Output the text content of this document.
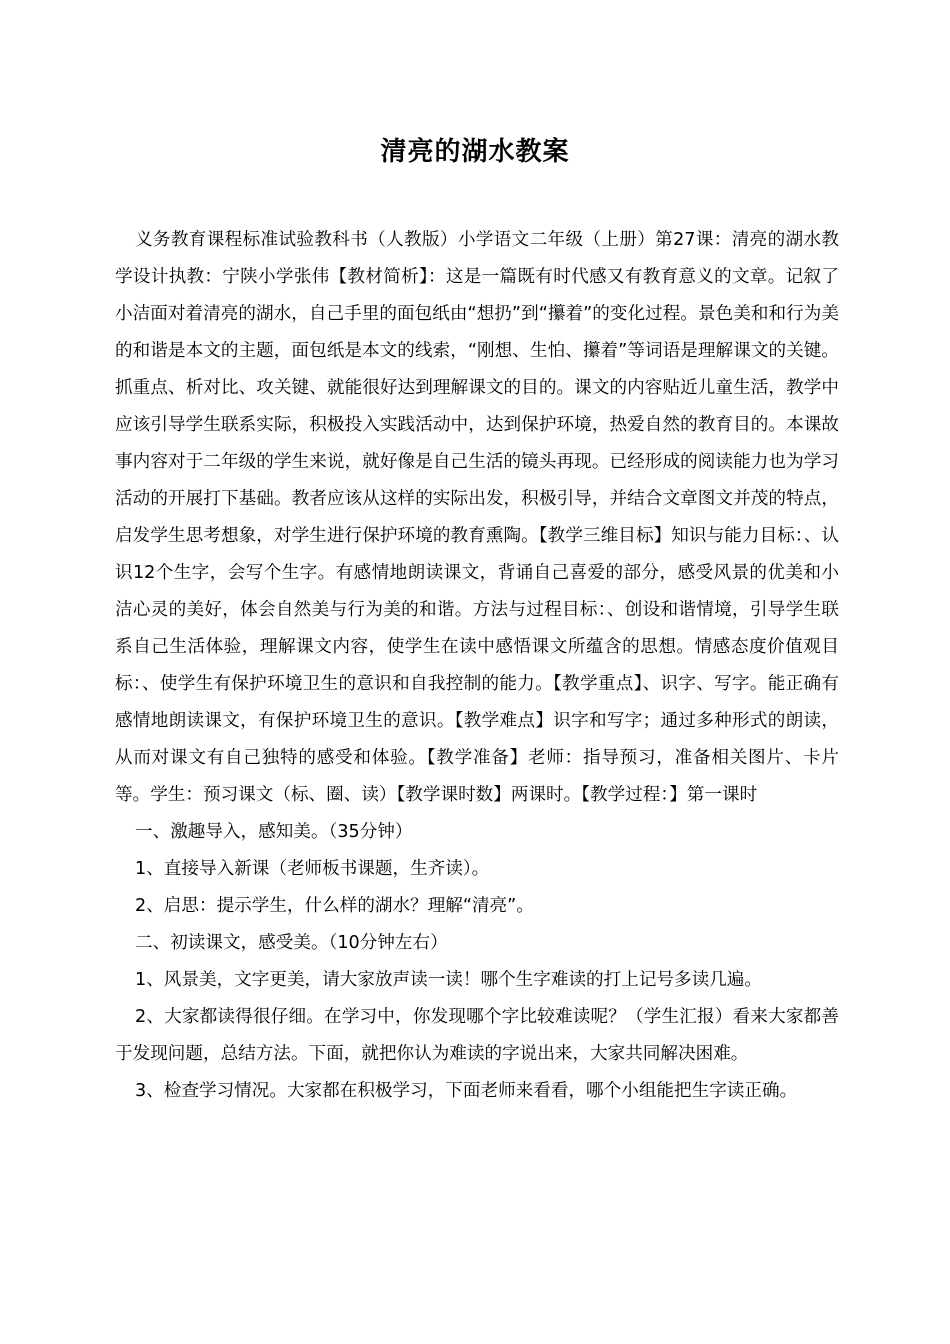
清亮的湖水教案

义务教育课程标准试验教科书（人教版）小学语文二年级（上册）第27课：清亮的湖水教学设计执教：宁陕小学张伟【教材简析】：这是一篇既有时代感又有教育意义的文章。记叙了小洁面对着清亮的湖水，自己手里的面包纸由“想扔”到“攥着”的变化过程。景色美和和行为美的和谐是本文的主题，面包纸是本文的线索，“刚想、生怕、攥着”等词语是理解课文的关键。抓重点、析对比、攻关键、就能很好达到理解课文的目的。课文的内容贴近儿童生活，教学中应该引导学生联系实际，积极投入实践活动中，达到保护环境，热爱自然的教育目的。本课故事内容对于二年级的学生来说，就好像是自己生活的镜头再现。已经形成的阅读能力也为学习活动的开展打下基础。教者应该从这样的实际出发，积极引导，并结合文章图文并茂的特点，启发学生思考想象，对学生进行保护环境的教育熏陶。【教学三维目标】知识与能力目标：、认识12个生字，会写个生字。有感情地朗读课文，背诵自己喜爱的部分，感受风景的优美和小洁心灵的美好，体会自然美与行为美的和谐。方法与过程目标：、创设和谐情境，引导学生联系自己生活体验，理解课文内容，使学生在读中感悟课文所蕴含的思想。情感态度价值观目标：、使学生有保护环境卫生的意识和自我控制的能力。【教学重点】、识字、写字。能正确有感情地朗读课文，有保护环境卫生的意识。【教学难点】识字和写字；通过多种形式的朗读，从而对课文有自己独特的感受和体验。【教学准备】老师：指导预习，准备相关图片、卡片等。学生：预习课文（标、圈、读）【教学课时数】两课时。【教学过程：】第一课时

一、激趣导入，感知美。（35分钟）

1、直接导入新课（老师板书课题，生齐读）。

2、启思：提示学生，什么样的湖水？理解“清亮”。

二、初读课文，感受美。（10分钟左右）

1、风景美，文字更美，请大家放声读一读！哪个生字难读的打上记号多读几遍。

2、大家都读得很仔细。在学习中，你发现哪个字比较难读呢？（学生汇报）看来大家都善于发现问题，总结方法。下面，就把你认为难读的字说出来，大家共同解决困难。

3、检查学习情况。大家都在积极学习，下面老师来看看，哪个小组能把生字读正确。
